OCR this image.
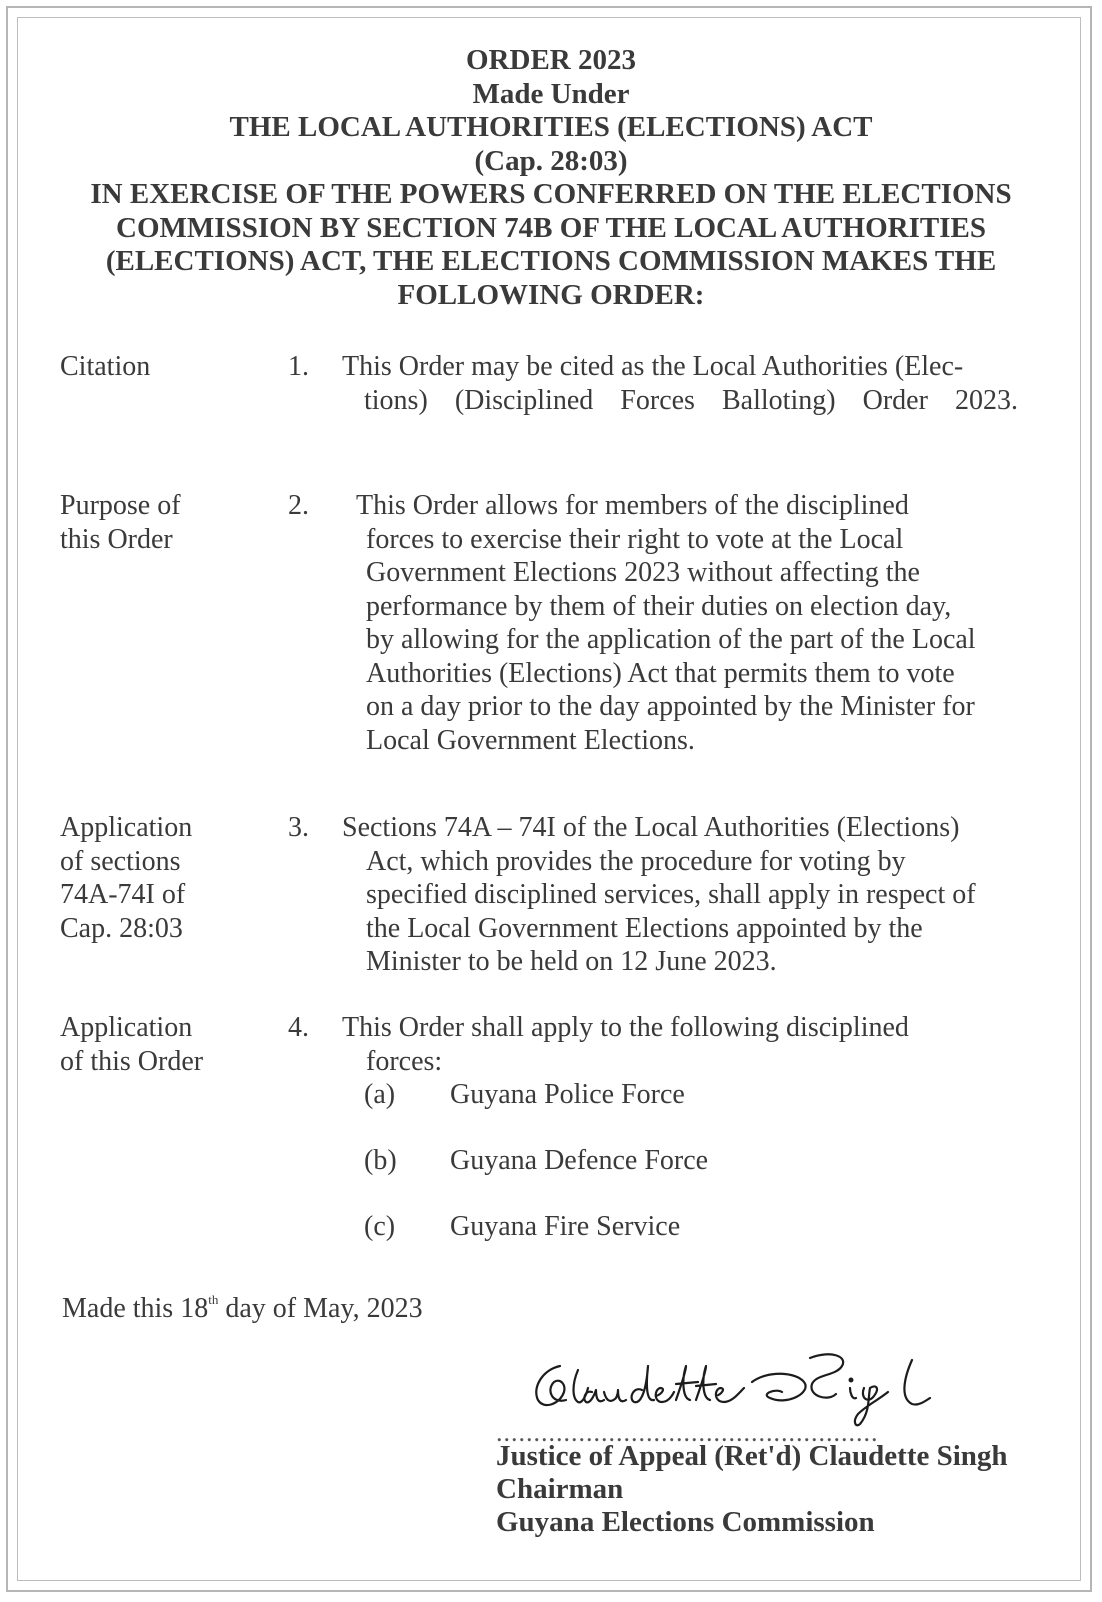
ORDER 2023
Made Under
THE LOCAL AUTHORITIES (ELECTIONS) ACT
(Cap. 28:03)
IN EXERCISE OF THE POWERS CONFERRED ON THE ELECTIONS
COMMISSION BY SECTION 74B OF THE LOCAL AUTHORITIES
(ELECTIONS) ACT, THE ELECTIONS COMMISSION MAKES THE
FOLLOWING ORDER:
Citation	1. This Order may be cited as the Local Authorities (Elec-
tions) (Disciplined Forces Balloting) Order 2023.
Purpose of
this Order
2. This Order allows for members of the disciplined
forces to exercise their right to vote at the Local
Government Elections 2023 without affecting the
performance by them of their duties on election day,
by allowing for the application of the part of the Local
Authorities (Elections) Act that permits them to vote
on a day prior to the day appointed by the Minister for
Local Government Elections.
Application
of sections
74A-74I of
Cap. 28:03
3. Sections 74A – 74I of the Local Authorities (Elections)
Act, which provides the procedure for voting by
specified disciplined services, shall apply in respect of
the Local Government Elections appointed by the
Minister to be held on 12 June 2023.
Application
of this Order
4. This Order shall apply to the following disciplined
forces:
(a) Guyana Police Force
(b) Guyana Defence Force
(c) Guyana Fire Service
Made this 18th day of May, 2023
...................................................
Justice of Appeal (Ret'd) Claudette Singh
Chairman
Guyana Elections Commission
